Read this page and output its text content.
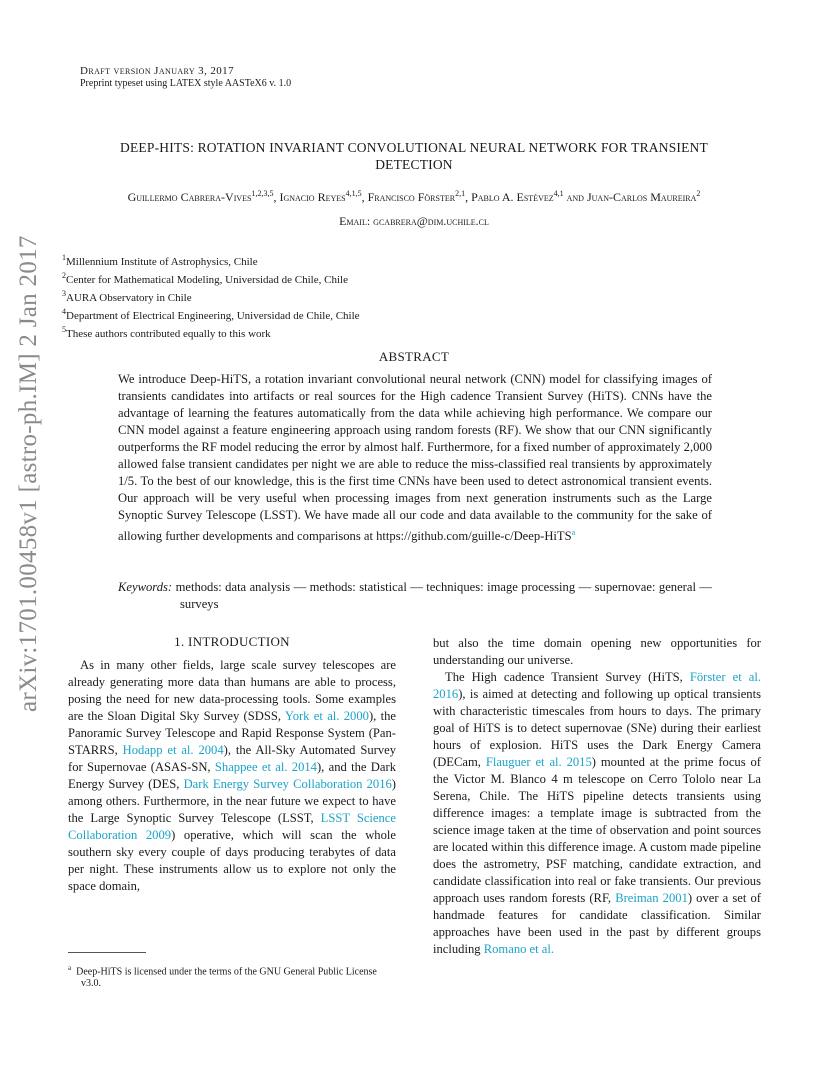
arXiv:1701.00458v1 [astro-ph.IM] 2 Jan 2017
Draft version January 3, 2017
Preprint typeset using LATEX style AASTeX6 v. 1.0
DEEP-HITS: ROTATION INVARIANT CONVOLUTIONAL NEURAL NETWORK FOR TRANSIENT DETECTION
Guillermo Cabrera-Vives$^{1,2,3,5}$, Ignacio Reyes$^{4,1,5}$, Francisco Förster$^{2,1}$, Pablo A. Estévez$^{4,1}$ and Juan-Carlos Maureira$^2$
Email: gcabrera@dim.uchile.cl
$^1$Millennium Institute of Astrophysics, Chile
$^2$Center for Mathematical Modeling, Universidad de Chile, Chile
$^3$AURA Observatory in Chile
$^4$Department of Electrical Engineering, Universidad de Chile, Chile
$^5$These authors contributed equally to this work
ABSTRACT

We introduce Deep-HiTS, a rotation invariant convolutional neural network (CNN) model for classifying images of transients candidates into artifacts or real sources for the High cadence Transient Survey (HiTS). CNNs have the advantage of learning the features automatically from the data while achieving high performance. We compare our CNN model against a feature engineering approach using random forests (RF). We show that our CNN significantly outperforms the RF model reducing the error by almost half. Furthermore, for a fixed number of approximately 2,000 allowed false transient candidates per night we are able to reduce the miss-classified real transients by approximately 1/5. To the best of our knowledge, this is the first time CNNs have been used to detect astronomical transient events. Our approach will be very useful when processing images from next generation instruments such as the Large Synoptic Survey Telescope (LSST). We have made all our code and data available to the community for the sake of allowing further developments and comparisons at https://github.com/guille-c/Deep-HiTS$^a$

Keywords: methods: data analysis — methods: statistical — techniques: image processing — supernovae: general — surveys
1. INTRODUCTION

As in many other fields, large scale survey telescopes are already generating more data than humans are able to process, posing the need for new data-processing tools. Some examples are the Sloan Digital Sky Survey (SDSS, York et al. 2000), the Panoramic Survey Telescope and Rapid Response System (Pan-STARRS, Hodapp et al. 2004), the All-Sky Automated Survey for Supernovae (ASAS-SN, Shappee et al. 2014), and the Dark Energy Survey (DES, Dark Energy Survey Collaboration 2016) among others. Furthermore, in the near future we expect to have the Large Synoptic Survey Telescope (LSST, LSST Science Collaboration 2009) operative, which will scan the whole southern sky every couple of days producing terabytes of data per night. These instruments allow us to explore not only the space domain,

but also the time domain opening new opportunities for understanding our universe.

The High cadence Transient Survey (HiTS, Förster et al. 2016), is aimed at detecting and following up optical transients with characteristic timescales from hours to days. The primary goal of HiTS is to detect supernovae (SNe) during their earliest hours of explosion. HiTS uses the Dark Energy Camera (DECam, Flauguer et al. 2015) mounted at the prime focus of the Victor M. Blanco 4 m telescope on Cerro Tololo near La Serena, Chile. The HiTS pipeline detects transients using difference images: a template image is subtracted from the science image taken at the time of observation and point sources are located within this difference image. A custom made pipeline does the astrometry, PSF matching, candidate extraction, and candidate classification into real or fake transients. Our previous approach uses random forests (RF, Breiman 2001) over a set of handmade features for candidate classification. Similar approaches have been used in the past by different groups including Romano et al.

$^a$ Deep-HiTS is licensed under the terms of the GNU General Public License v3.0.
